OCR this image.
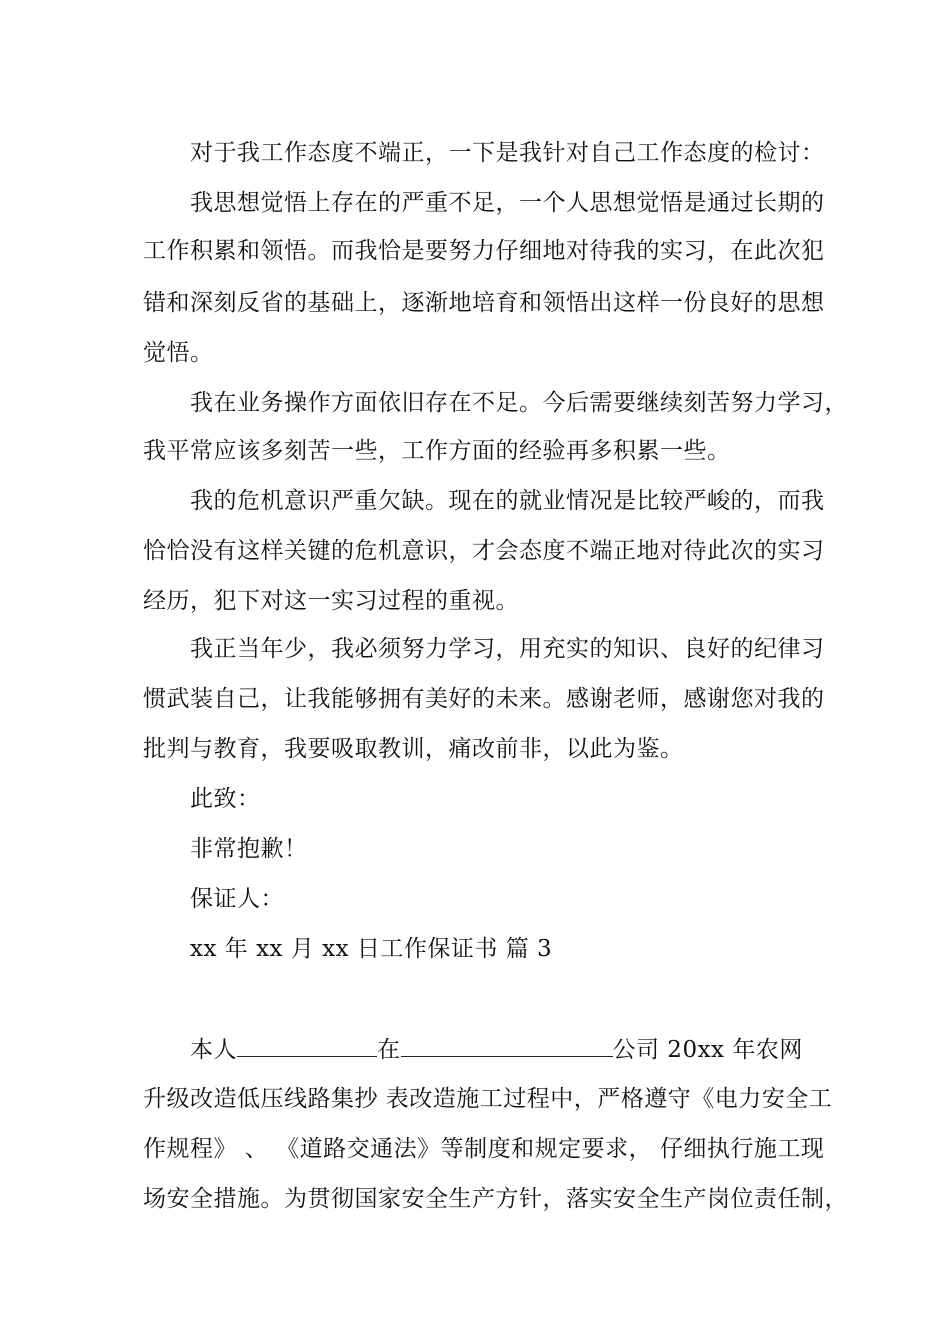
对于我工作态度不端正，一下是我针对自己工作态度的检讨：
我思想觉悟上存在的严重不足，一个人思想觉悟是通过长期的
工作积累和领悟。而我恰是要努力仔细地对待我的实习，在此次犯
错和深刻反省的基础上，逐渐地培育和领悟出这样一份良好的思想
觉悟。
我在业务操作方面依旧存在不足。今后需要继续刻苦努力学习，
我平常应该多刻苦一些，工作方面的经验再多积累一些。
我的危机意识严重欠缺。现在的就业情况是比较严峻的，而我
恰恰没有这样关键的危机意识，才会态度不端正地对待此次的实习
经历，犯下对这一实习过程的重视。
我正当年少，我必须努力学习，用充实的知识、良好的纪律习
惯武装自己，让我能够拥有美好的未来。感谢老师，感谢您对我的
批判与教育，我要吸取教训，痛改前非，以此为鉴。
此致：
非常抱歉！
保证人：
xx 年 xx 月 xx 日工作保证书 篇 3
本人	在	公司 20xx 年农网
升级改造低压线路集抄 表改造施工过程中，严格遵守《电力安全工
作规程》 、 《道路交通法》等制度和规定要求， 仔细执行施工现
场安全措施。为贯彻国家安全生产方针，落实安全生产岗位责任制，
